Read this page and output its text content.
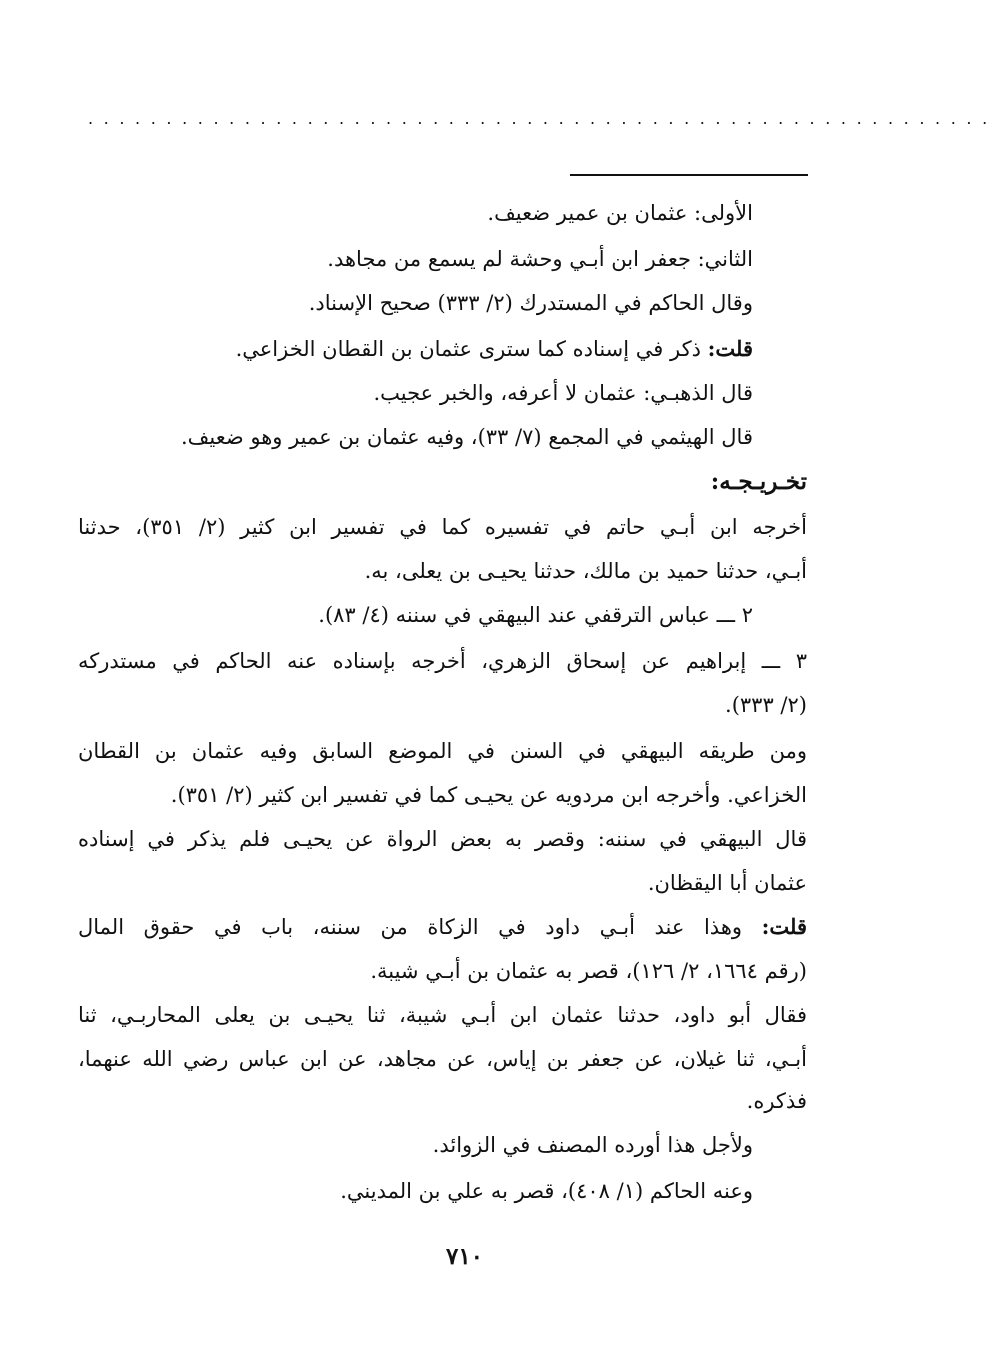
..........................................................
الأولى: عثمان بن عمير ضعيف.
الثاني: جعفر ابن أبـي وحشة لم يسمع من مجاهد.
وقال الحاكم في المستدرك (٢/ ٣٣٣) صحيح الإسناد.
قلت: ذكر في إسناده كما سترى عثمان بن القطان الخزاعي.
قال الذهبـي: عثمان لا أعرفه، والخبر عجيب.
قال الهيثمي في المجمع (٧/ ٣٣)، وفيه عثمان بن عمير وهو ضعيف.
تخـريـجـه:
أخرجه ابن أبـي حاتم في تفسيره كما في تفسير ابن كثير (٢/ ٣٥١)، حدثنا
أبـي، حدثنا حميد بن مالك، حدثنا يحيـى بن يعلى، به.
٢ ـــ عباس الترقفي عند البيهقي في سننه (٤/ ٨٣).
٣ ـــ إبراهيم عن إسحاق الزهري، أخرجه بإسناده عنه الحاكم في مستدركه
(٢/ ٣٣٣).
ومن طريقه البيهقي في السنن في الموضع السابق وفيه عثمان بن القطان
الخزاعي. وأخرجه ابن مردويه عن يحيـى كما في تفسير ابن كثير (٢/ ٣٥١).
قال البيهقي في سننه: وقصر به بعض الرواة عن يحيـى فلم يذكر في إسناده
عثمان أبا اليقظان.
قلت: وهذا عند أبـي داود في الزكاة من سننه، باب في حقوق المال
(رقم ١٦٦٤، ٢/ ١٢٦)، قصر به عثمان بن أبـي شيبة.
فقال أبو داود، حدثنا عثمان ابن أبـي شيبة، ثنا يحيـى بن يعلى المحاربـي، ثنا
أبـي، ثنا غيلان، عن جعفر بن إياس، عن مجاهد، عن ابن عباس رضي الله عنهما،
فذكره.
ولأجل هذا أورده المصنف في الزوائد.
وعنه الحاكم (١/ ٤٠٨)، قصر به علي بن المديني.
٧١٠
